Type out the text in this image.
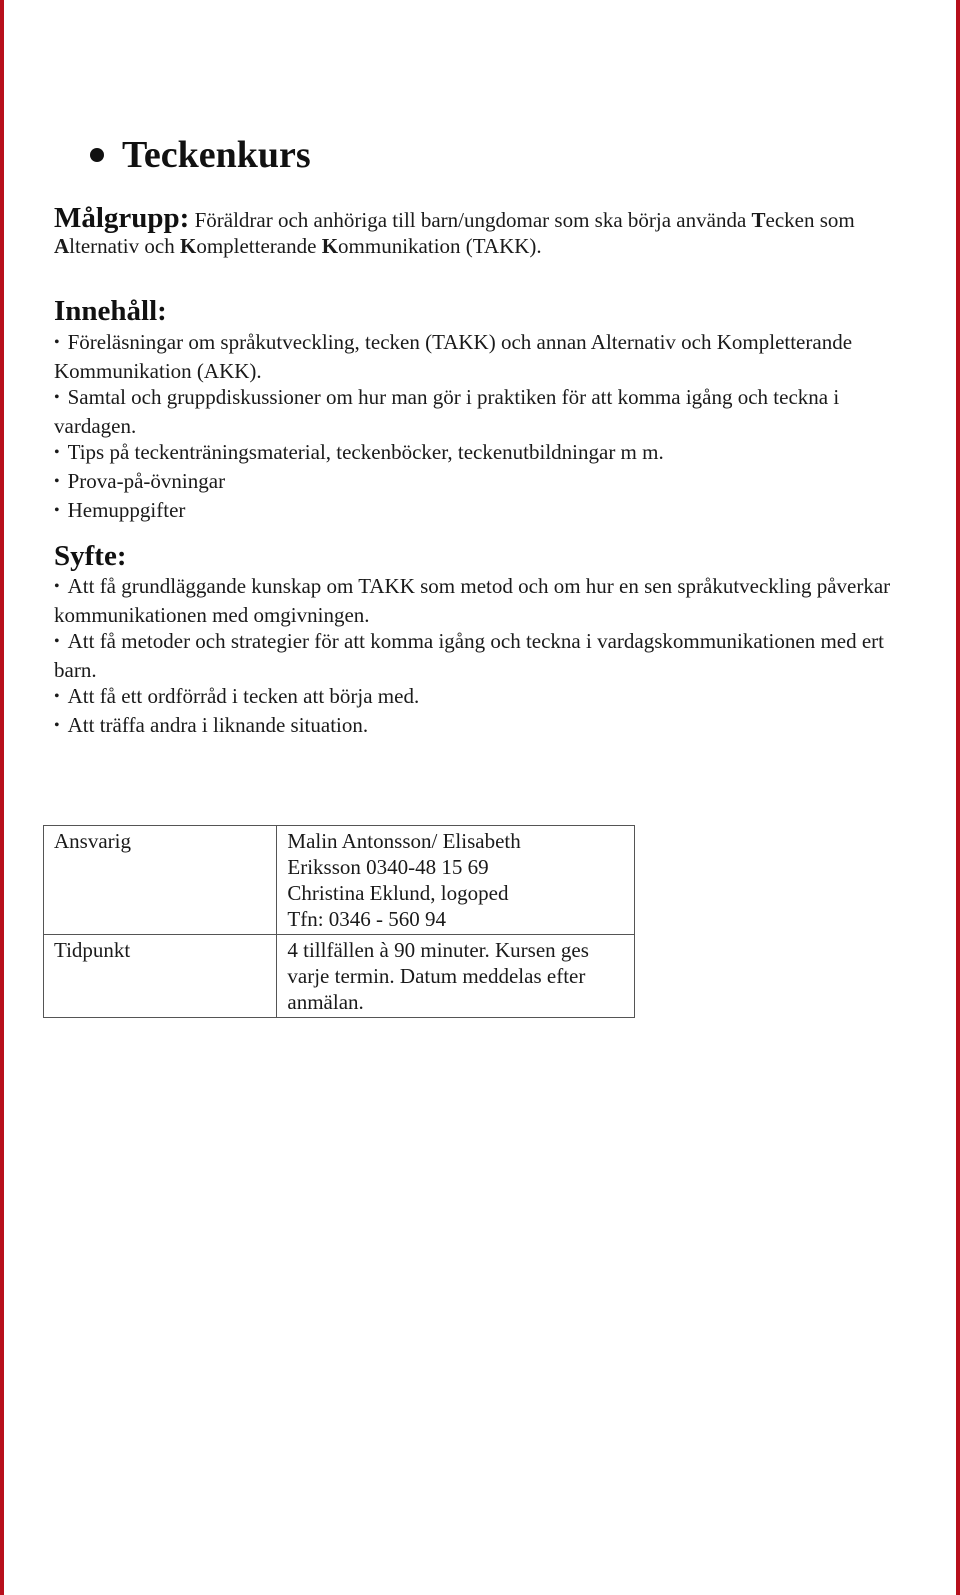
Teckenkurs

Målgrupp: Föräldrar och anhöriga till barn/ungdomar som ska börja använda Tecken som Alternativ och Kompletterande Kommunikation (TAKK).

Innehåll:
• Föreläsningar om språkutveckling, tecken (TAKK) och annan Alternativ och Kompletterande Kommunikation (AKK).
• Samtal och gruppdiskussioner om hur man gör i praktiken för att komma igång och teckna i vardagen.
• Tips på teckenträningsmaterial, teckenböcker, teckenutbildningar m m.
• Prova-på-övningar
• Hemuppgifter
Syfte:
• Att få grundläggande kunskap om TAKK som metod och om hur en sen språkutveckling påverkar kommunikationen med omgivningen.
• Att få metoder och strategier för att komma igång och teckna i vardagskommunikationen med ert barn.
• Att få ett ordförråd i tecken att börja med.
• Att träffa andra i liknande situation.
Ansvarig	Malin Antonsson/ Elisabeth
Eriksson 0340-48 15 69
Christina Eklund, logoped
Tfn: 0346 - 560 94

Tidpunkt	4 tillfällen à 90 minuter. Kursen ges
varje termin. Datum meddelas efter
anmälan.
